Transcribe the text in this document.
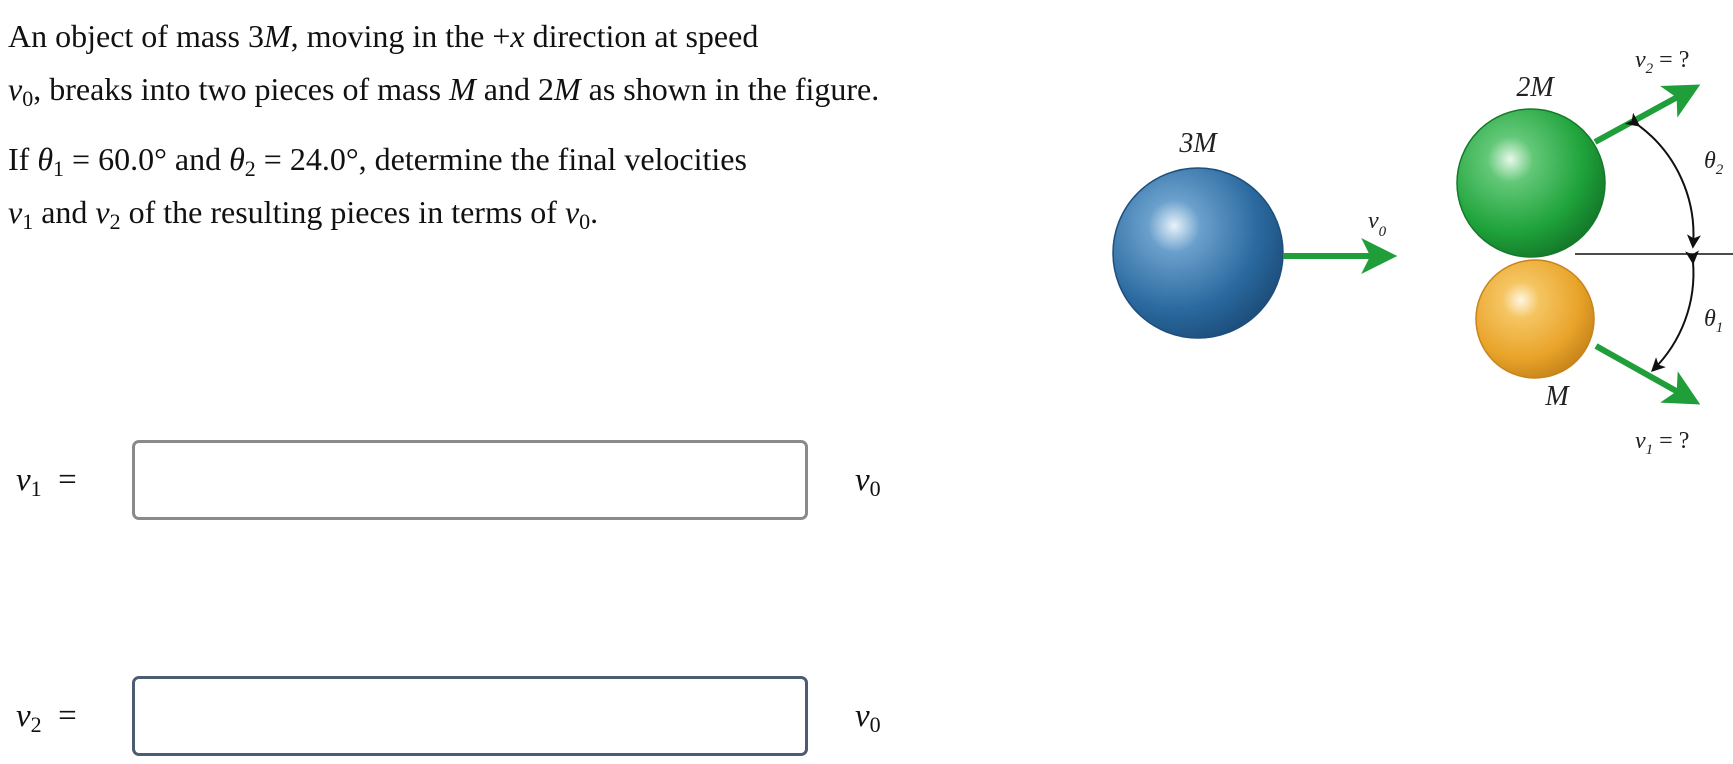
An object of mass 3M, moving in the +x direction at speed
$v_0$, breaks into two pieces of mass M and 2M as shown in the figure.

If $\theta_1 = 60.0^\circ$ and $\theta_2 = 24.0^\circ$, determine the final velocities
$v_1$ and $v_2$ of the resulting pieces in terms of $v_0$.

$v_1$ =	$v_0$
$v_2$ =	$v_0$
3M
$v_0$
2M
M
$v_2$ = ?
$v_1$ = ?
$\theta_2$
$\theta_1$
